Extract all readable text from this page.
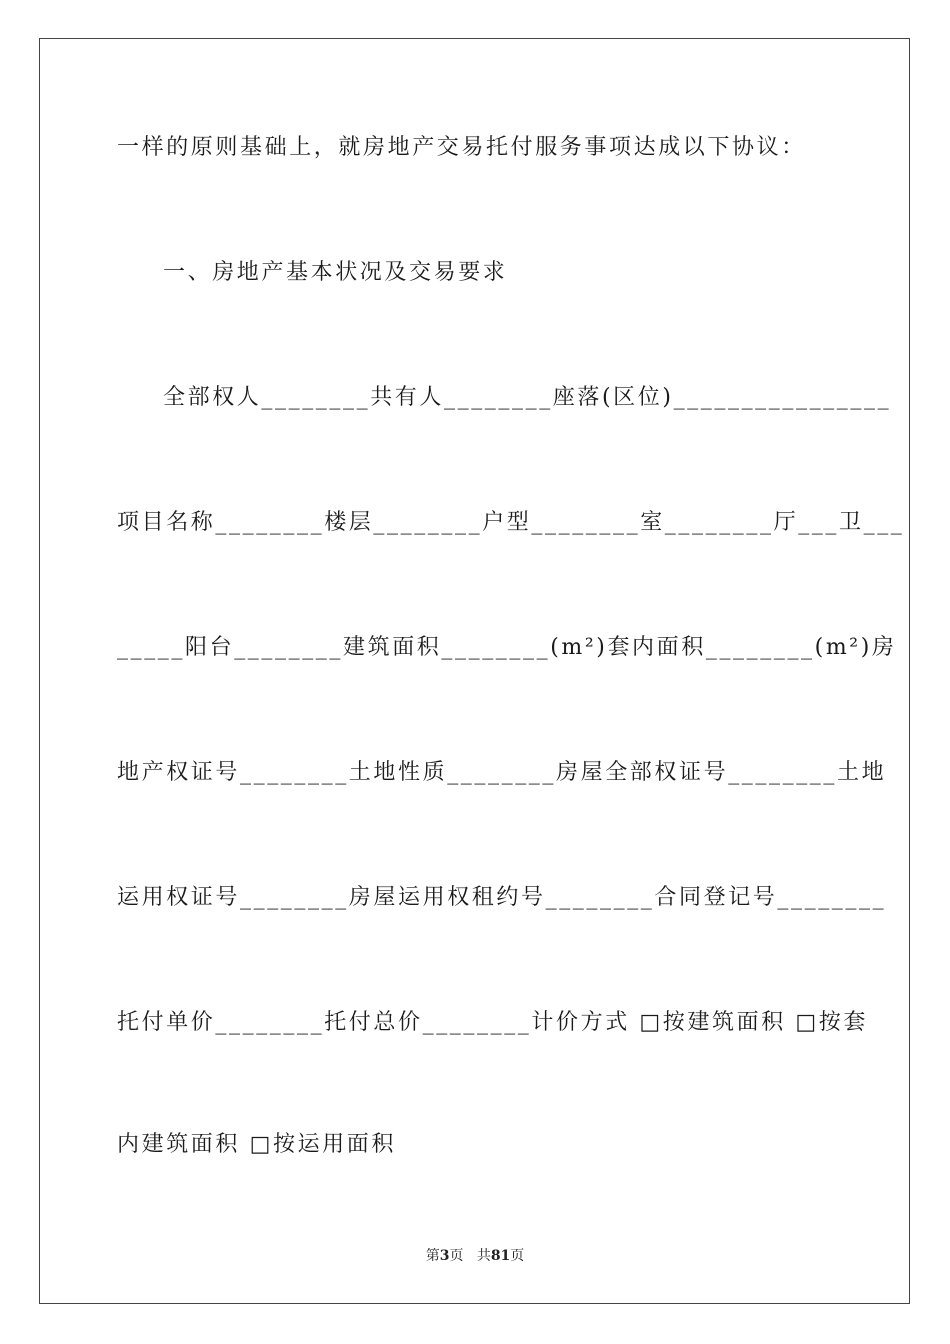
一样的原则基础上，就房地产交易托付服务事项达成以下协议：
一、房地产基本状况及交易要求
全部权人________共有人________座落(区位)________________
项目名称________楼层________户型________室________厅___卫___
_____阳台________建筑面积________(m²)套内面积________(m²)房
地产权证号________土地性质________房屋全部权证号________土地
运用权证号________房屋运用权租约号________合同登记号________
托付单价________托付总价________计价方式 □按建筑面积 □按套
内建筑面积 □按运用面积
第3页 共81页
